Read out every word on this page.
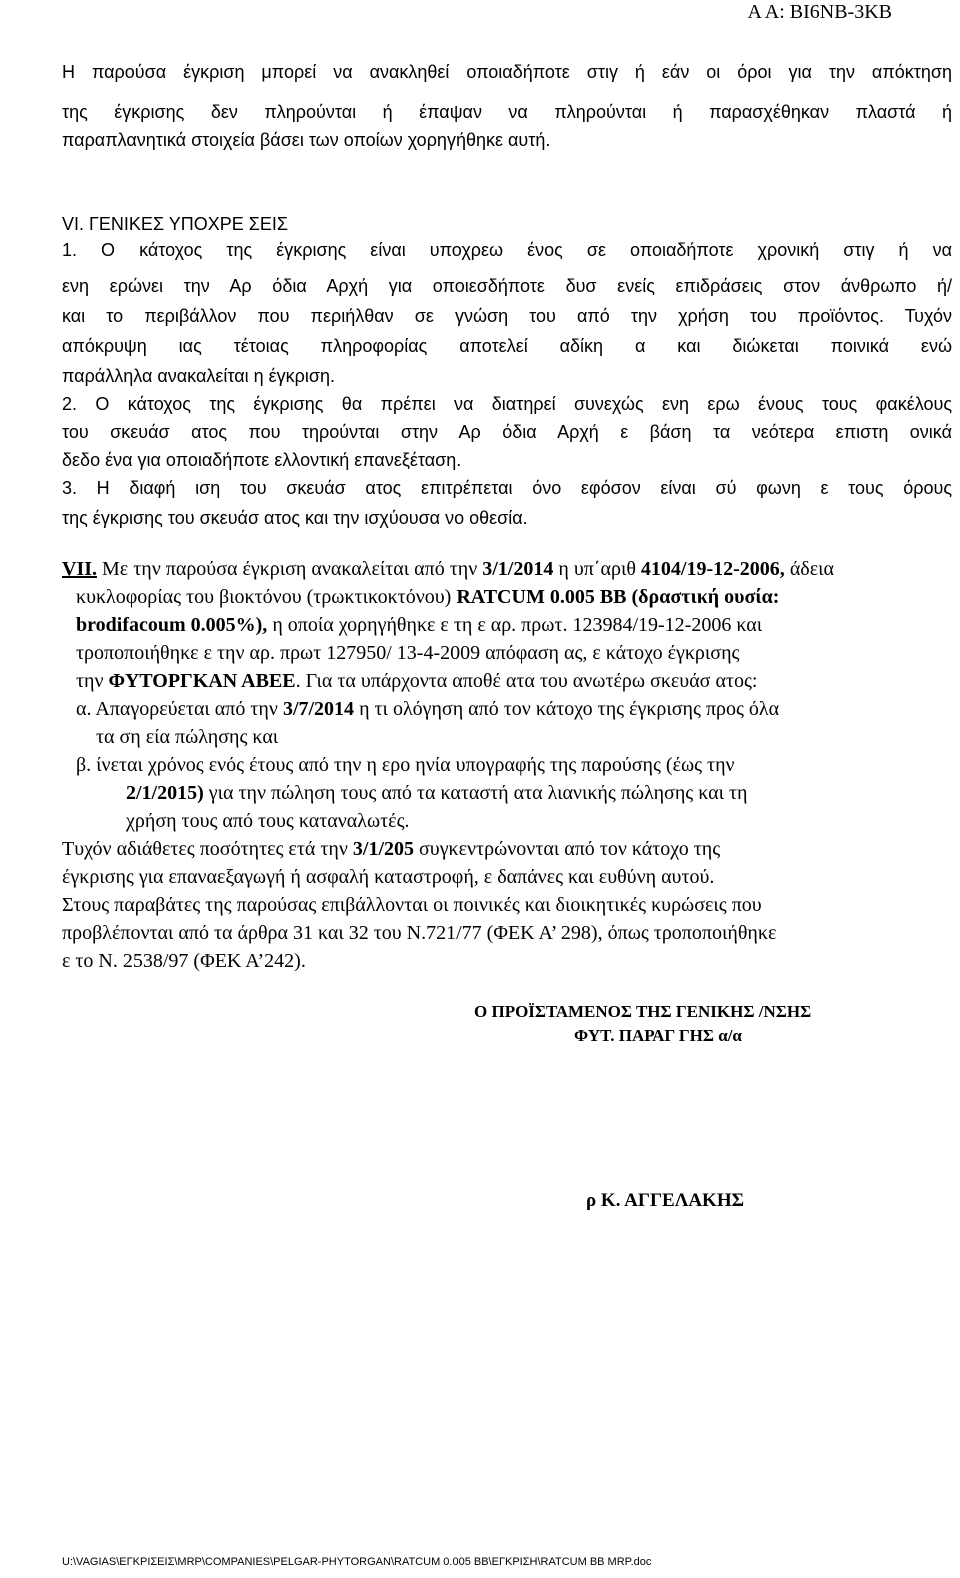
Α Α: ΒΙ6ΝΒ-3ΚΒ
Η παρούσα έγκριση μπορεί να ανακληθεί οποιαδήποτε στιγ ή εάν οι όροι για την απόκτηση
της έγκρισης δεν πληρούνται ή έπαψαν να πληρούνται ή παρασχέθηκαν πλαστά ή
παραπλανητικά στοιχεία βάσει των οποίων χορηγήθηκε αυτή.
VI. ΓΕΝΙΚΕΣ ΥΠΟΧΡΕ ΣΕΙΣ
1. Ο κάτοχος της έγκρισης είναι υποχρεω ένος σε οποιαδήποτε χρονική στιγ ή να
ενη ερώνει την Αρ όδια Αρχή για οποιεσδήποτε δυσ ενείς επιδράσεις στον άνθρωπο ή/
και το περιβάλλον που περιήλθαν σε γνώση του από την χρήση του προϊόντος. Τυχόν
απόκρυψη ιας τέτοιας πληροφορίας αποτελεί αδίκη α και διώκεται ποινικά ενώ
παράλληλα ανακαλείται η έγκριση.
2. Ο κάτοχος της έγκρισης θα πρέπει να διατηρεί συνεχώς ενη ερω ένους τους φακέλους
του σκευάσ ατος που τηρούνται στην Αρ όδια Αρχή ε βάση τα νεότερα επιστη ονικά
δεδο ένα για οποιαδήποτε ελλοντική επανεξέταση.
3. Η διαφή ιση του σκευάσ ατος επιτρέπεται όνο εφόσον είναι σύ φωνη ε τους όρους
της έγκρισης του σκευάσ ατος και την ισχύουσα νο οθεσία.
VII. Με την παρούσα έγκριση ανακαλείται από την 3/1/2014 η υπ΄αριθ 4104/19-12-2006, άδεια
κυκλοφορίας του βιοκτόνου (τρωκτικοκτόνου) RATCUM 0.005 BB (δραστική ουσία:
brodifacoum 0.005%), η οποία χορηγήθηκε ε τη ε αρ. πρωτ. 123984/19-12-2006 και
τροποποιήθηκε ε την αρ. πρωτ 127950/ 13-4-2009 απόφαση ας, ε κάτοχο έγκρισης
την ΦΥΤΟΡΓΚΑΝ ΑΒΕΕ. Για τα υπάρχοντα αποθέ ατα του ανωτέρω σκευάσ ατος:
α. Απαγορεύεται από την 3/7/2014 η τι ολόγηση από τον κάτοχο της έγκρισης προς όλα
τα ση εία πώλησης και
β. ίνεται χρόνος ενός έτους από την η ερο ηνία υπογραφής της παρούσης (έως την
2/1/2015) για την πώληση τους από τα καταστή ατα λιανικής πώλησης και τη
χρήση τους από τους καταναλωτές.
Τυχόν αδιάθετες ποσότητες ετά την 3/1/205 συγκεντρώνονται από τον κάτοχο της
έγκρισης για επαναεξαγωγή ή ασφαλή καταστροφή, ε δαπάνες και ευθύνη αυτού.
Στους παραβάτες της παρούσας επιβάλλονται οι ποινικές και διοικητικές κυρώσεις που
προβλέπονται από τα άρθρα 31 και 32 του Ν.721/77 (ΦΕΚ Α’ 298), όπως τροποποιήθηκε
ε το Ν. 2538/97 (ΦΕΚ Α’242).
Ο ΠΡΟΪΣΤΑΜΕΝΟΣ ΤΗΣ ΓΕΝΙΚΗΣ /ΝΣΗΣ
ΦΥΤ. ΠΑΡΑΓ ΓΗΣ α/α
ρ Κ. ΑΓΓΕΛΑΚΗΣ
U:\VAGIAS\ΕΓΚΡΙΣΕΙΣ\MRP\COMPANIES\PELGAR-PHYTORGAN\RATCUM 0.005 BB\ΕΓΚΡΙΣΗ\RATCUM BB MRP.doc
